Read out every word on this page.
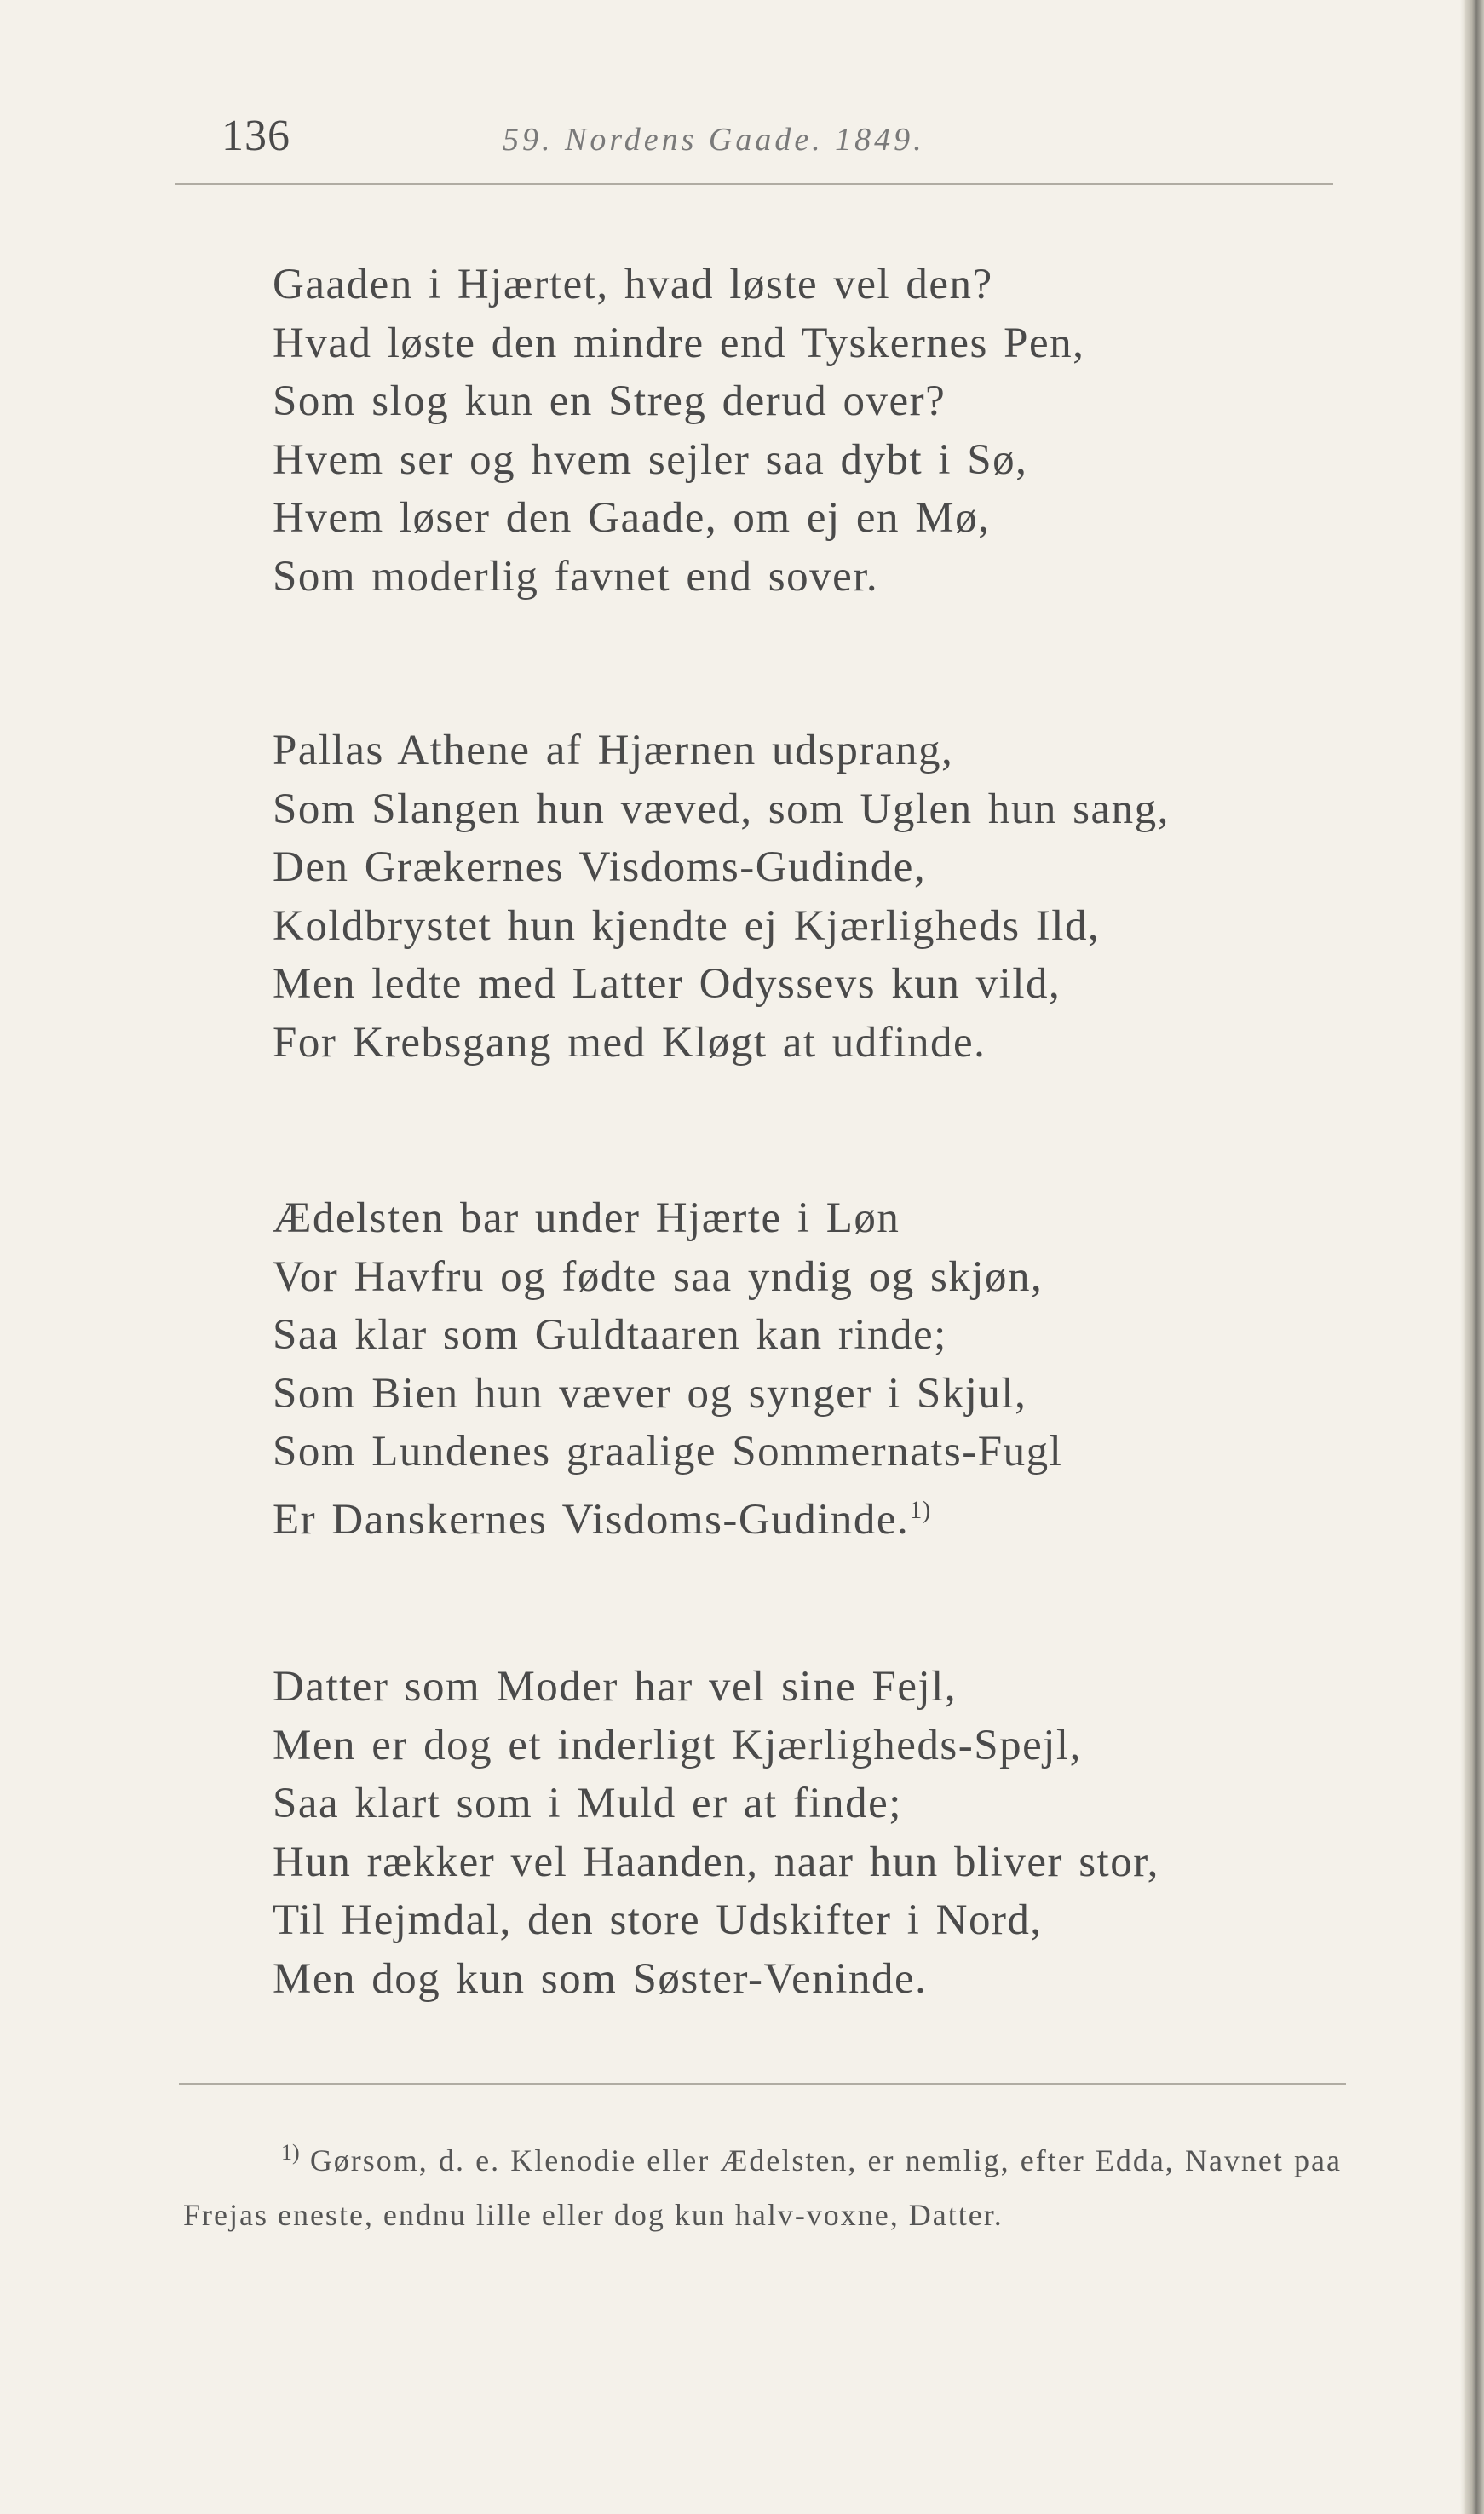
136	59. Nordens Gaade. 1849.
Gaaden i Hjærtet, hvad løste vel den?
Hvad løste den mindre end Tyskernes Pen,
Som slog kun en Streg derud over?
Hvem ser og hvem sejler saa dybt i Sø,
Hvem løser den Gaade, om ej en Mø,
Som moderlig favnet end sover.
Pallas Athene af Hjærnen udsprang,
Som Slangen hun væved, som Uglen hun sang,
Den Grækernes Visdoms-Gudinde,
Koldbrystet hun kjendte ej Kjærligheds Ild,
Men ledte med Latter Odyssevs kun vild,
For Krebsgang med Kløgt at udfinde.
Ædelsten bar under Hjærte i Løn
Vor Havfru og fødte saa yndig og skjøn,
Saa klar som Guldtaaren kan rinde;
Som Bien hun væver og synger i Skjul,
Som Lundenes graalige Sommernats-Fugl
Er Danskernes Visdoms-Gudinde.$^{1)}$
Datter som Moder har vel sine Fejl,
Men er dog et inderligt Kjærligheds-Spejl,
Saa klart som i Muld er at finde;
Hun rækker vel Haanden, naar hun bliver stor,
Til Hejmdal, den store Udskifter i Nord,
Men dog kun som Søster-Veninde.
$^{1)}$ Gørsom, d. e. Klenodie eller Ædelsten, er nemlig, efter Edda, Navnet paa Frejas eneste, endnu lille eller dog kun halv-voxne, Datter.
